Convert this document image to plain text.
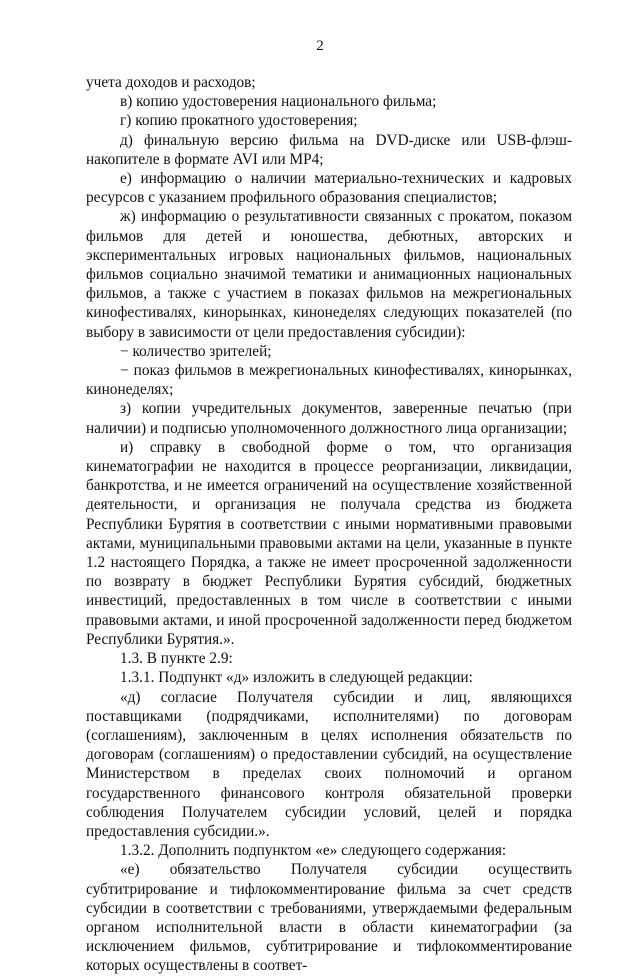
2

учета доходов и расходов;

в) копию удостоверения национального фильма;

г) копию прокатного удостоверения;

д) финальную версию фильма на DVD-диске или USB-флэш-накопителе в формате AVI или MP4;

е) информацию о наличии материально-технических и кадровых ресурсов с указанием профильного образования специалистов;

ж) информацию о результативности связанных с прокатом, показом фильмов для детей и юношества, дебютных, авторских и экспериментальных игровых национальных фильмов, национальных фильмов социально значимой тематики и анимационных национальных фильмов, а также с участием в показах фильмов на межрегиональных кинофестивалях, кинорынках, кинонеделях следующих показателей (по выбору в зависимости от цели предоставления субсидии):

− количество зрителей;

− показ фильмов в межрегиональных кинофестивалях, кинорынках, кинонеделях;

з) копии учредительных документов, заверенные печатью (при наличии) и подписью уполномоченного должностного лица организации;

и) справку в свободной форме о том, что организация кинематографии не находится в процессе реорганизации, ликвидации, банкротства, и не имеется ограничений на осуществление хозяйственной деятельности, и организация не получала средства из бюджета Республики Бурятия в соответствии с иными нормативными правовыми актами, муниципальными правовыми актами на цели, указанные в пункте 1.2 настоящего Порядка, а также не имеет просроченной задолженности по возврату в бюджет Республики Бурятия субсидий, бюджетных инвестиций, предоставленных в том числе в соответствии с иными правовыми актами, и иной просроченной задолженности перед бюджетом Республики Бурятия.».

1.3. В пункте 2.9:

1.3.1. Подпункт «д» изложить в следующей редакции:

«д) согласие Получателя субсидии и лиц, являющихся поставщиками (подрядчиками, исполнителями) по договорам (соглашениям), заключенным в целях исполнения обязательств по договорам (соглашениям) о предоставлении субсидий, на осуществление Министерством в пределах своих полномочий и органом государственного финансового контроля обязательной проверки соблюдения Получателем субсидии условий, целей и порядка предоставления субсидии.».

1.3.2. Дополнить подпунктом «е» следующего содержания:

«е) обязательство Получателя субсидии осуществить субтитрирование и тифлокомментирование фильма за счет средств субсидии в соответствии с требованиями, утверждаемыми федеральным органом исполнительной власти в области кинематографии (за исключением фильмов, субтитрирование и тифлокомментирование которых осуществлены в соответ-
